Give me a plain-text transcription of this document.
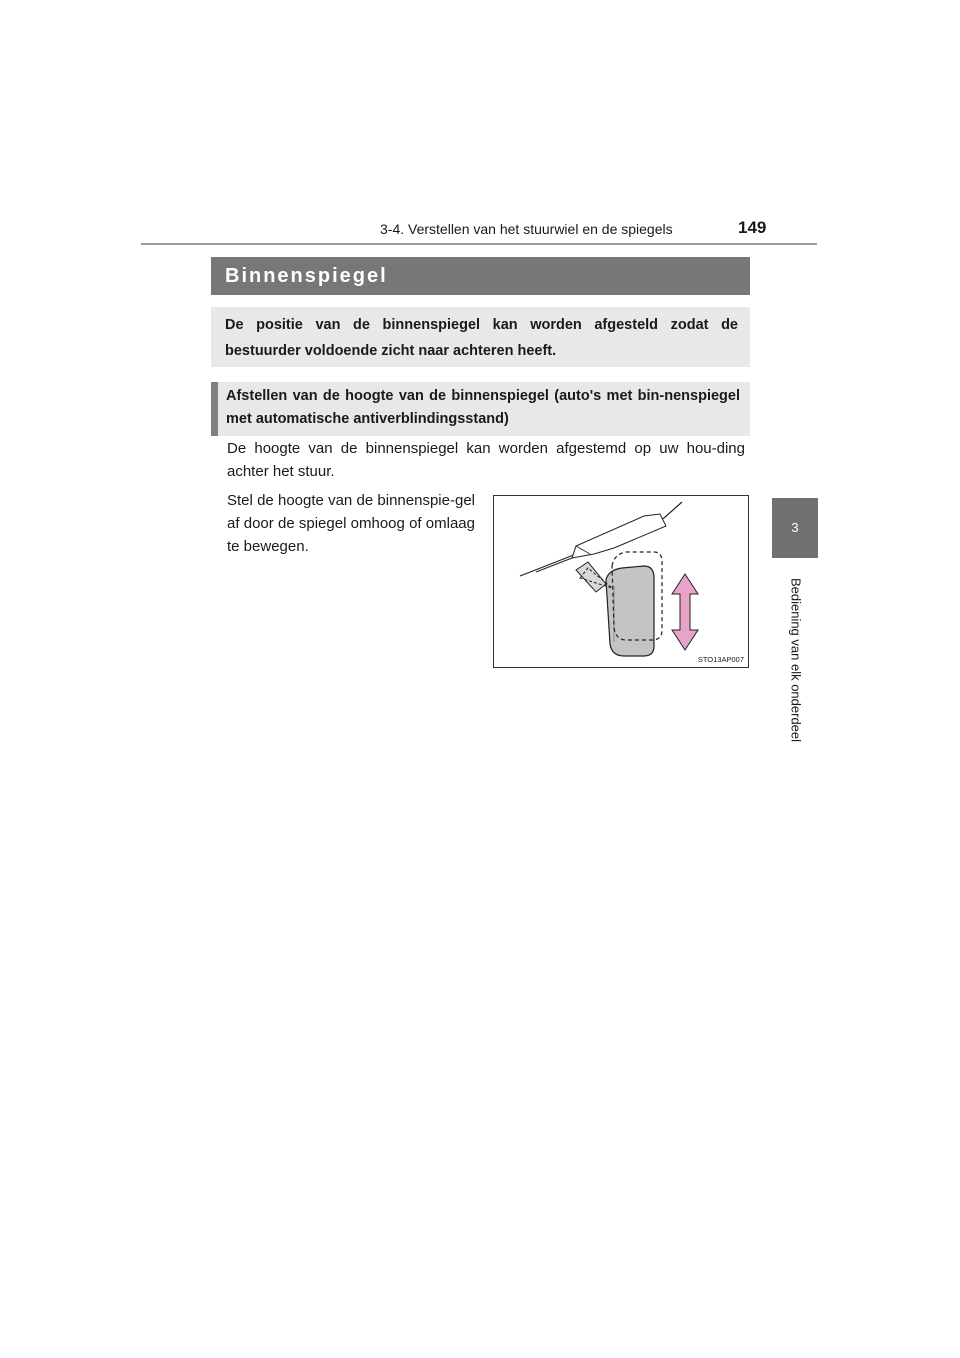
3-4. Verstellen van het stuurwiel en de spiegels	149
3
Bediening van elk onderdeel
Binnenspiegel
De positie van de binnenspiegel kan worden afgesteld zodat de bestuurder voldoende zicht naar achteren heeft.
Afstellen van de hoogte van de binnenspiegel (auto's met bin-nenspiegel met automatische antiverblindingsstand)
De hoogte van de binnenspiegel kan worden afgestemd op uw hou-ding achter het stuur.
Stel de hoogte van de binnenspie-gel af door de spiegel omhoog of omlaag te bewegen.
STO13AP007
